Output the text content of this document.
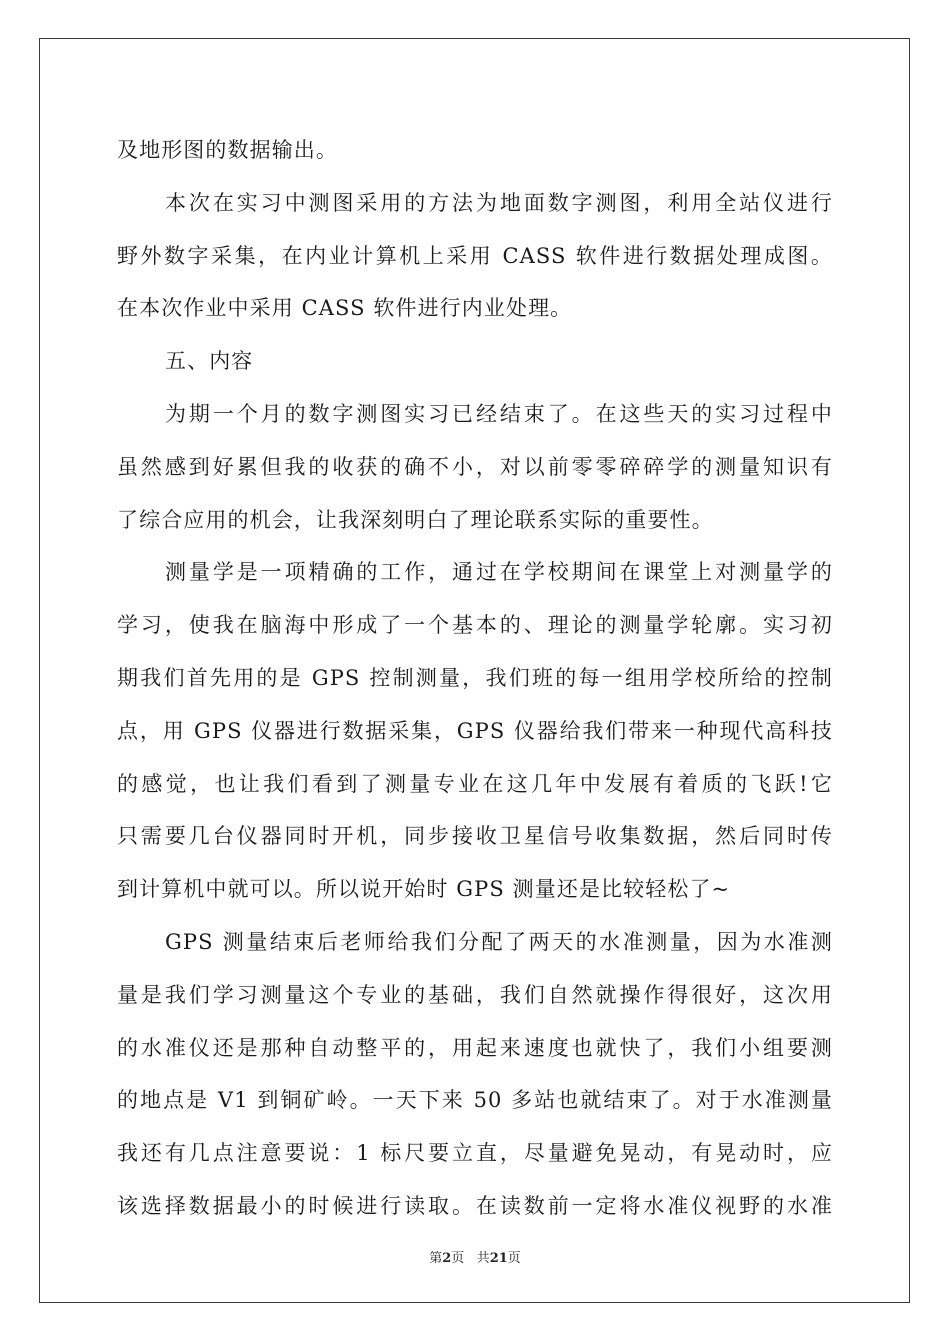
及地形图的数据输出。
本次在实习中测图采用的方法为地面数字测图，利用全站仪进行
野外数字采集，在内业计算机上采用 CASS 软件进行数据处理成图。
在本次作业中采用 CASS 软件进行内业处理。
五、内容
为期一个月的数字测图实习已经结束了。在这些天的实习过程中
虽然感到好累但我的收获的确不小，对以前零零碎碎学的测量知识有
了综合应用的机会，让我深刻明白了理论联系实际的重要性。
测量学是一项精确的工作，通过在学校期间在课堂上对测量学的
学习，使我在脑海中形成了一个基本的、理论的测量学轮廓。实习初
期我们首先用的是 GPS 控制测量，我们班的每一组用学校所给的控制
点，用 GPS 仪器进行数据采集，GPS 仪器给我们带来一种现代高科技
的感觉，也让我们看到了测量专业在这几年中发展有着质的飞跃!它
只需要几台仪器同时开机，同步接收卫星信号收集数据，然后同时传
到计算机中就可以。所以说开始时 GPS 测量还是比较轻松了~
GPS 测量结束后老师给我们分配了两天的水准测量，因为水准测
量是我们学习测量这个专业的基础，我们自然就操作得很好，这次用
的水准仪还是那种自动整平的，用起来速度也就快了，我们小组要测
的地点是 V1 到铜矿岭。一天下来 50 多站也就结束了。对于水准测量
我还有几点注意要说：1 标尺要立直，尽量避免晃动，有晃动时，应
该选择数据最小的时候进行读取。在读数前一定将水准仪视野的水准
第2页 共21页
